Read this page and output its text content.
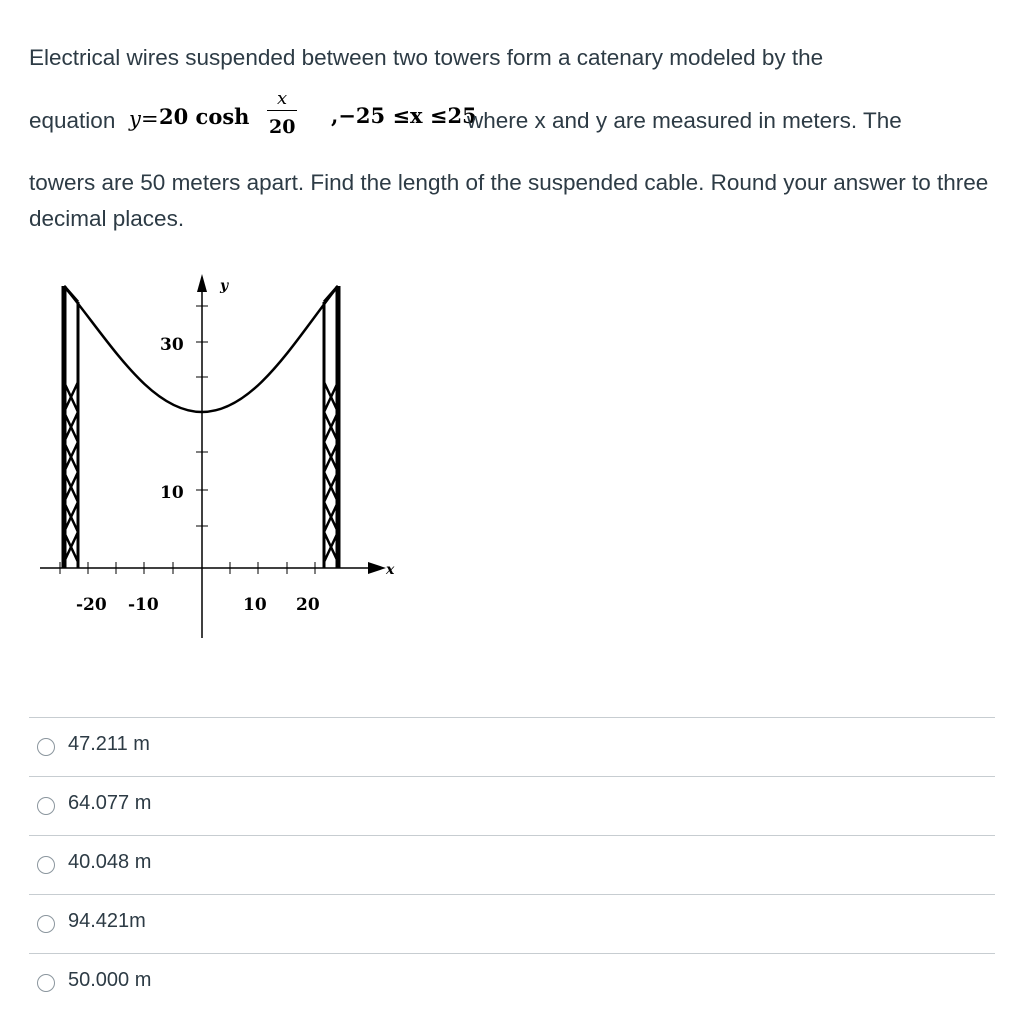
Electrical wires suspended between two towers form a catenary modeled by the
equation y = 20 cosh
x
20 ,−25 ≤x ≤25
where x and y are measured in meters. The
towers are 50 meters apart. Find the length of the suspended cable. Round your answer to three decimal places.
y
x
30
10
-20 -10	10 20
47.211 m
64.077 m
40.048 m
94.421m
50.000 m
